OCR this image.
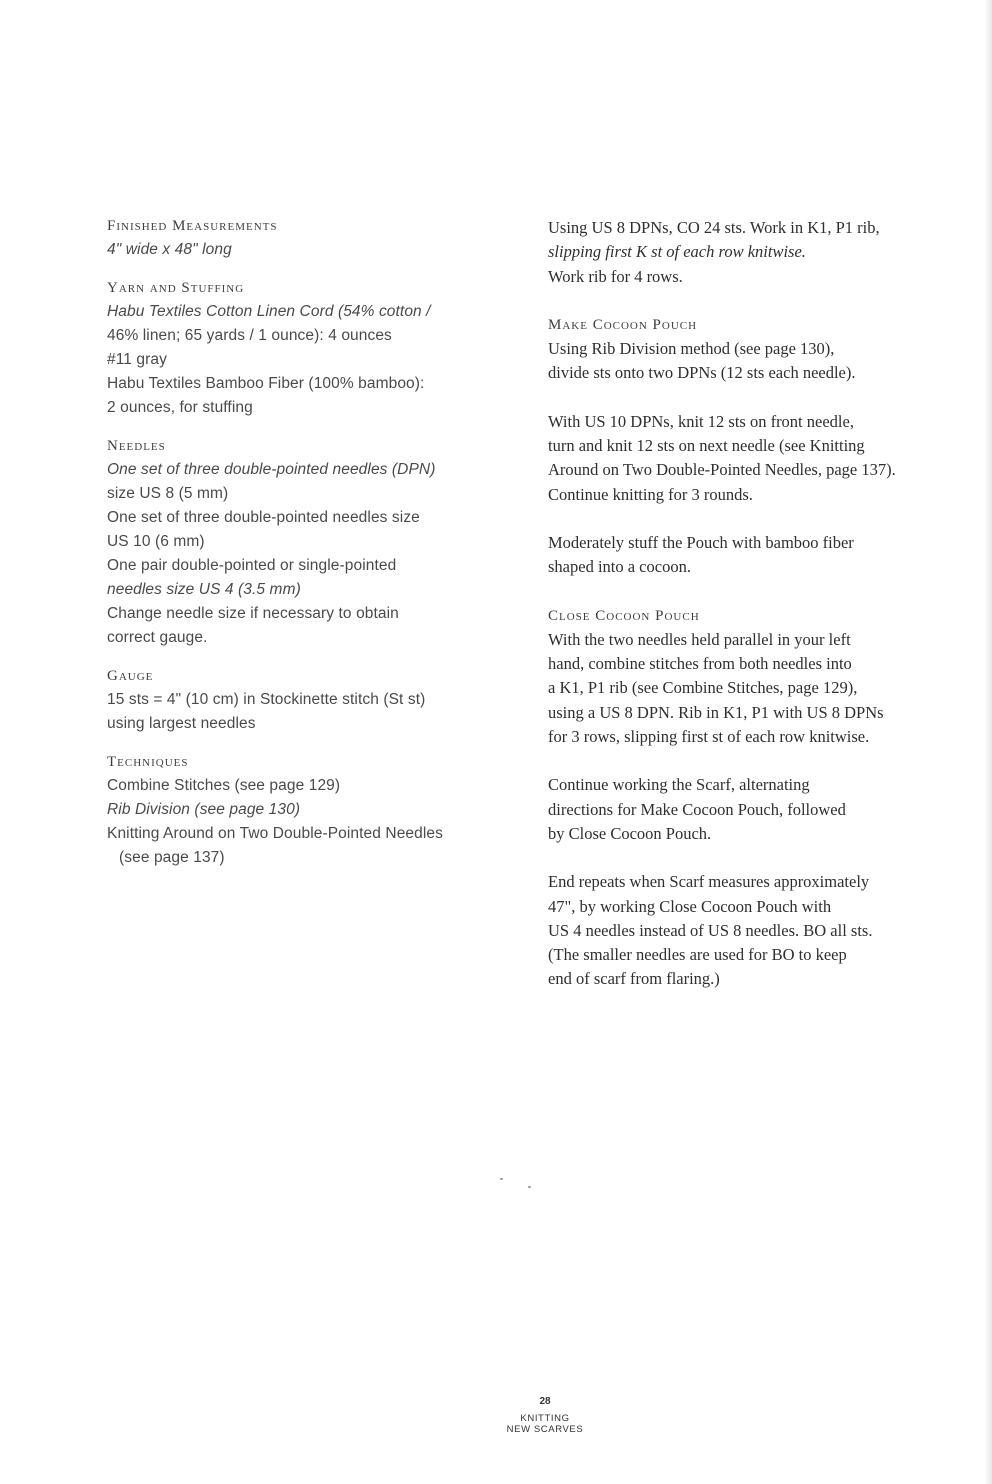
Finished Measurements
4" wide x 48" long
Yarn and Stuffing
Habu Textiles Cotton Linen Cord (54% cotton /
46% linen; 65 yards / 1 ounce): 4 ounces
#11 gray
Habu Textiles Bamboo Fiber (100% bamboo):
2 ounces, for stuffing
Needles
One set of three double-pointed needles (DPN)
size US 8 (5 mm)
One set of three double-pointed needles size
US 10 (6 mm)
One pair double-pointed or single-pointed
needles size US 4 (3.5 mm)
Change needle size if necessary to obtain
correct gauge.
Gauge
15 sts = 4" (10 cm) in Stockinette stitch (St st)
using largest needles
Techniques
Combine Stitches (see page 129)
Rib Division (see page 130)
Knitting Around on Two Double-Pointed Needles
(see page 137)
Using US 8 DPNs, CO 24 sts. Work in K1, P1 rib,
slipping first K st of each row knitwise.
Work rib for 4 rows.
Make Cocoon Pouch
Using Rib Division method (see page 130),
divide sts onto two DPNs (12 sts each needle).
With US 10 DPNs, knit 12 sts on front needle,
turn and knit 12 sts on next needle (see Knitting
Around on Two Double-Pointed Needles, page 137).
Continue knitting for 3 rounds.
Moderately stuff the Pouch with bamboo fiber
shaped into a cocoon.
Close Cocoon Pouch
With the two needles held parallel in your left
hand, combine stitches from both needles into
a K1, P1 rib (see Combine Stitches, page 129),
using a US 8 DPN. Rib in K1, P1 with US 8 DPNs
for 3 rows, slipping first st of each row knitwise.
Continue working the Scarf, alternating
directions for Make Cocoon Pouch, followed
by Close Cocoon Pouch.
End repeats when Scarf measures approximately
47", by working Close Cocoon Pouch with
US 4 needles instead of US 8 needles. BO all sts.
(The smaller needles are used for BO to keep
end of scarf from flaring.)
28
KNITTING
NEW SCARVES
